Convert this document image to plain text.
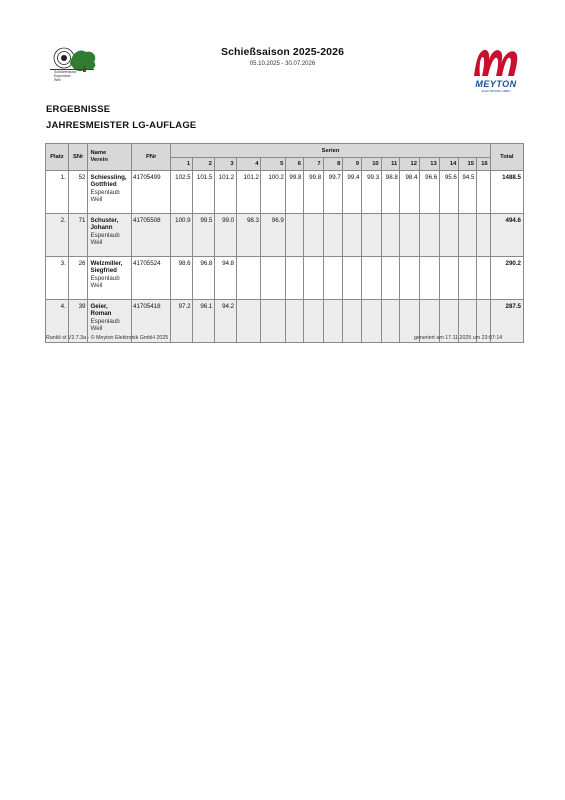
Schützenbund
Espenlaub
Weil
Schießsaison 2025-2026
05.10.2025 - 30.07.2026
MEYTON
ELEKTRONIK GMBH
ERGEBNISSE
JAHRESMEISTER LG-AUFLAGE
Platz	SNr	Name
Verein	PNr	Serien																Total
				1	2	3	4	5	6	7	8	9	10	11	12	13	14	15	16	
1.	52	Schiessling,
Gottfried
Espenlaub
Weil	41705499	102.5	101.5	101.2	101.2	100.2	99.8	99.8	99.7	99.4	99.3	98.8	98.4	96.6	95.6	94.5		1488.5
2.	71	Schuster,
Johann
Espenlaub
Weil	41705508	100.9	99.5	99.0	98.3	96.9												494.6
3.	26	Welzmiller,
Siegfried
Espenlaub
Weil	41705524	98.6	96.8	94.8														290.2
4.	39	Geier,
Roman
Espenlaub
Weil	41705418	97.2	96.1	94.2														287.5
Rankli st V2.7.3a - © Meyton Elektronik GmbH 2025	generiert am 17.11.2025 um 23:07:14
